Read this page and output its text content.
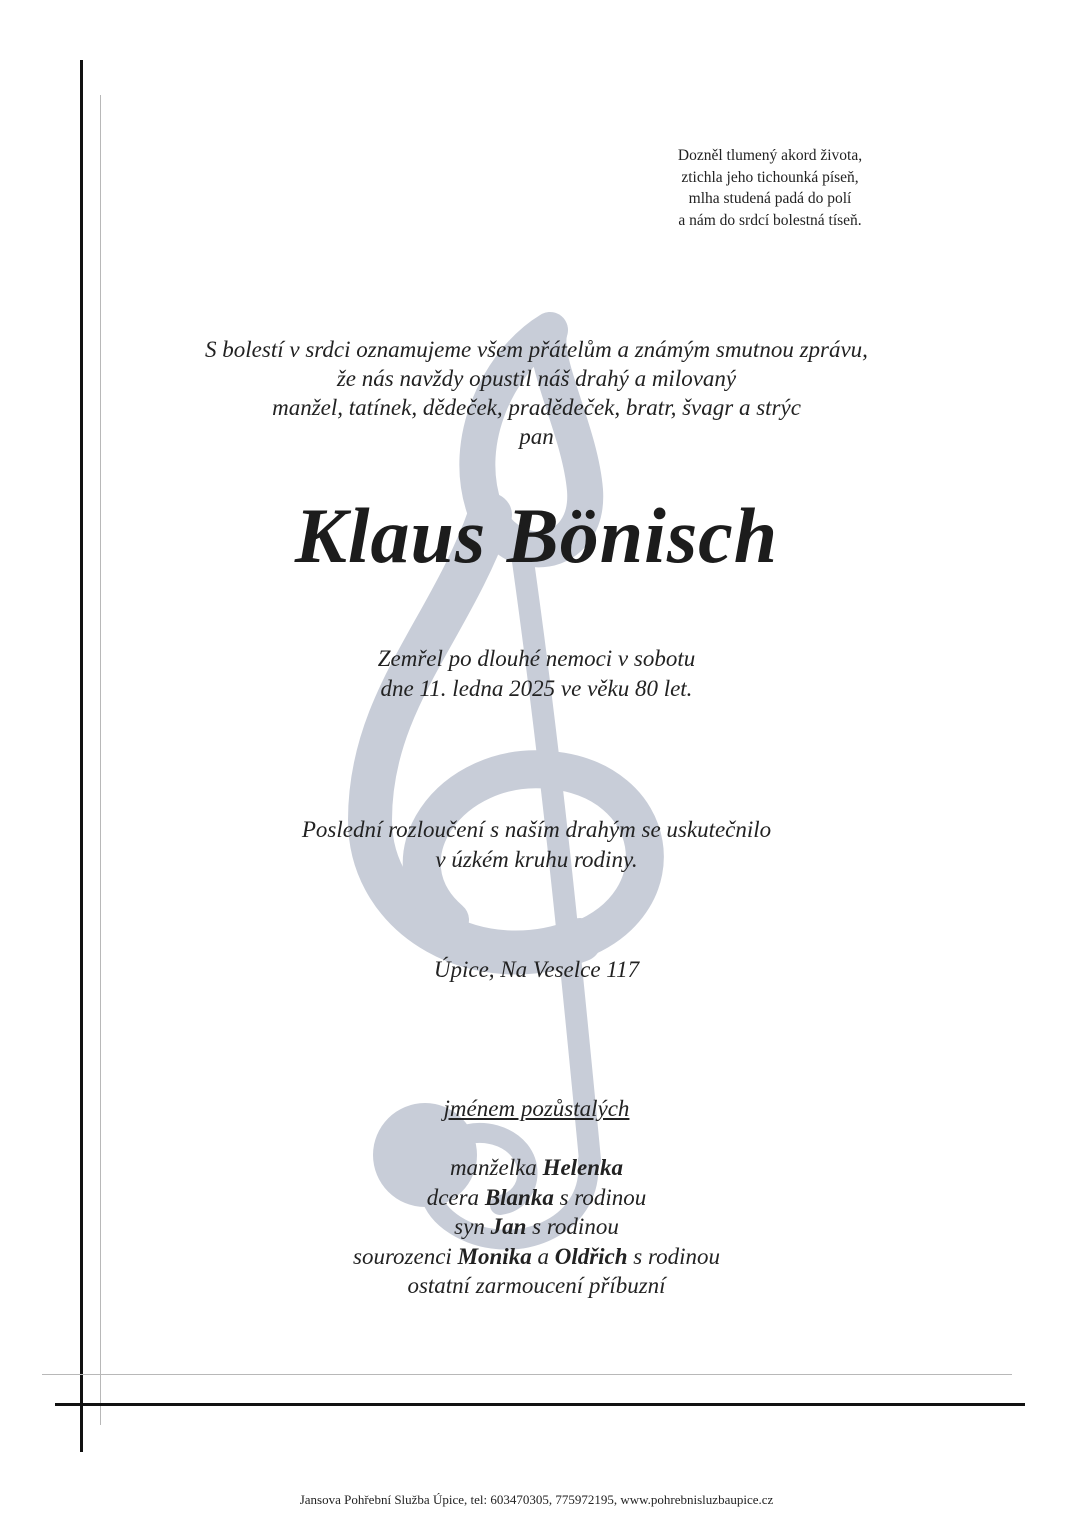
Dozněl tlumený akord života,
ztichla jeho tichounká píseň,
mlha studená padá do polí
a nám do srdcí bolestná tíseň.
S bolestí v srdci oznamujeme všem přátelům a známým smutnou zprávu,
že nás navždy opustil náš drahý a milovaný
manžel, tatínek, dědeček, pradědeček, bratr, švagr a strýc
pan
Klaus Bönisch
Zemřel po dlouhé nemoci v sobotu
dne 11. ledna 2025 ve věku 80 let.
Poslední rozloučení s naším drahým se uskutečnilo
v úzkém kruhu rodiny.
Úpice, Na Veselce 117
jménem pozůstalých
manželka Helenka
dcera Blanka s rodinou
syn Jan s rodinou
sourozenci Monika a Oldřich s rodinou
ostatní zarmoucení příbuzní
Jansova Pohřební Služba Úpice, tel: 603470305, 775972195, www.pohrebnisluzbaupice.cz
